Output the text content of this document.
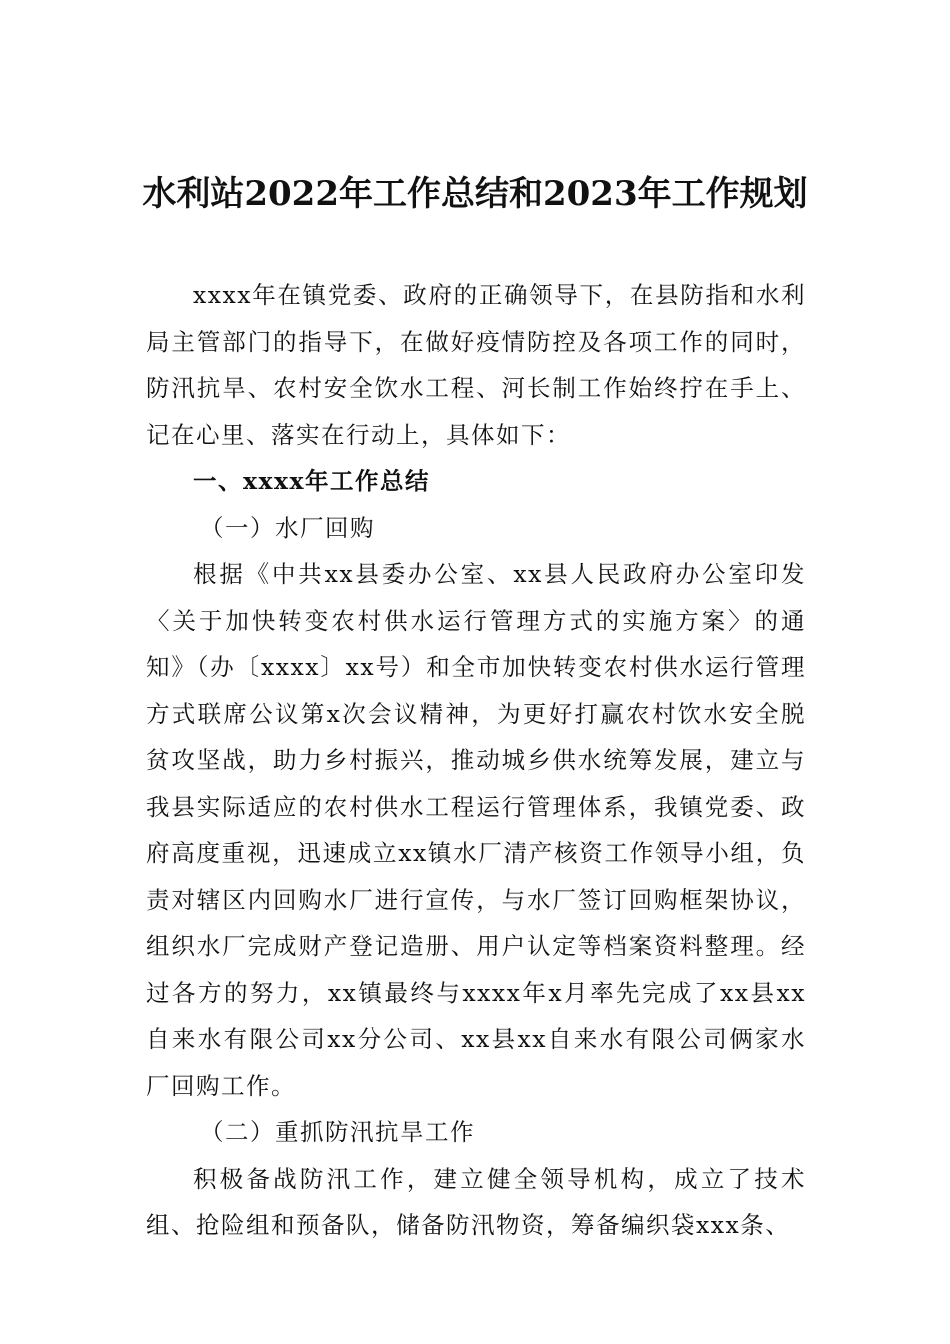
水利站2022年工作总结和2023年工作规划

xxxx年在镇党委、政府的正确领导下，在县防指和水利局主管部门的指导下，在做好疫情防控及各项工作的同时，防汛抗旱、农村安全饮水工程、河长制工作始终拧在手上、记在心里、落实在行动上，具体如下：

一、xxxx年工作总结

（一）水厂回购

根据《中共xx县委办公室、xx县人民政府办公室印发〈关于加快转变农村供水运行管理方式的实施方案〉的通知》（办〔xxxx〕xx号）和全市加快转变农村供水运行管理方式联席公议第x次会议精神，为更好打赢农村饮水安全脱贫攻坚战，助力乡村振兴，推动城乡供水统筹发展，建立与我县实际适应的农村供水工程运行管理体系，我镇党委、政府高度重视，迅速成立xx镇水厂清产核资工作领导小组，负责对辖区内回购水厂进行宣传，与水厂签订回购框架协议，组织水厂完成财产登记造册、用户认定等档案资料整理。经过各方的努力，xx镇最终与xxxx年x月率先完成了xx县xx自来水有限公司xx分公司、xx县xx自来水有限公司俩家水厂回购工作。

（二）重抓防汛抗旱工作

积极备战防汛工作，建立健全领导机构，成立了技术组、抢险组和预备队，储备防汛物资，筹备编织袋xxx条、
